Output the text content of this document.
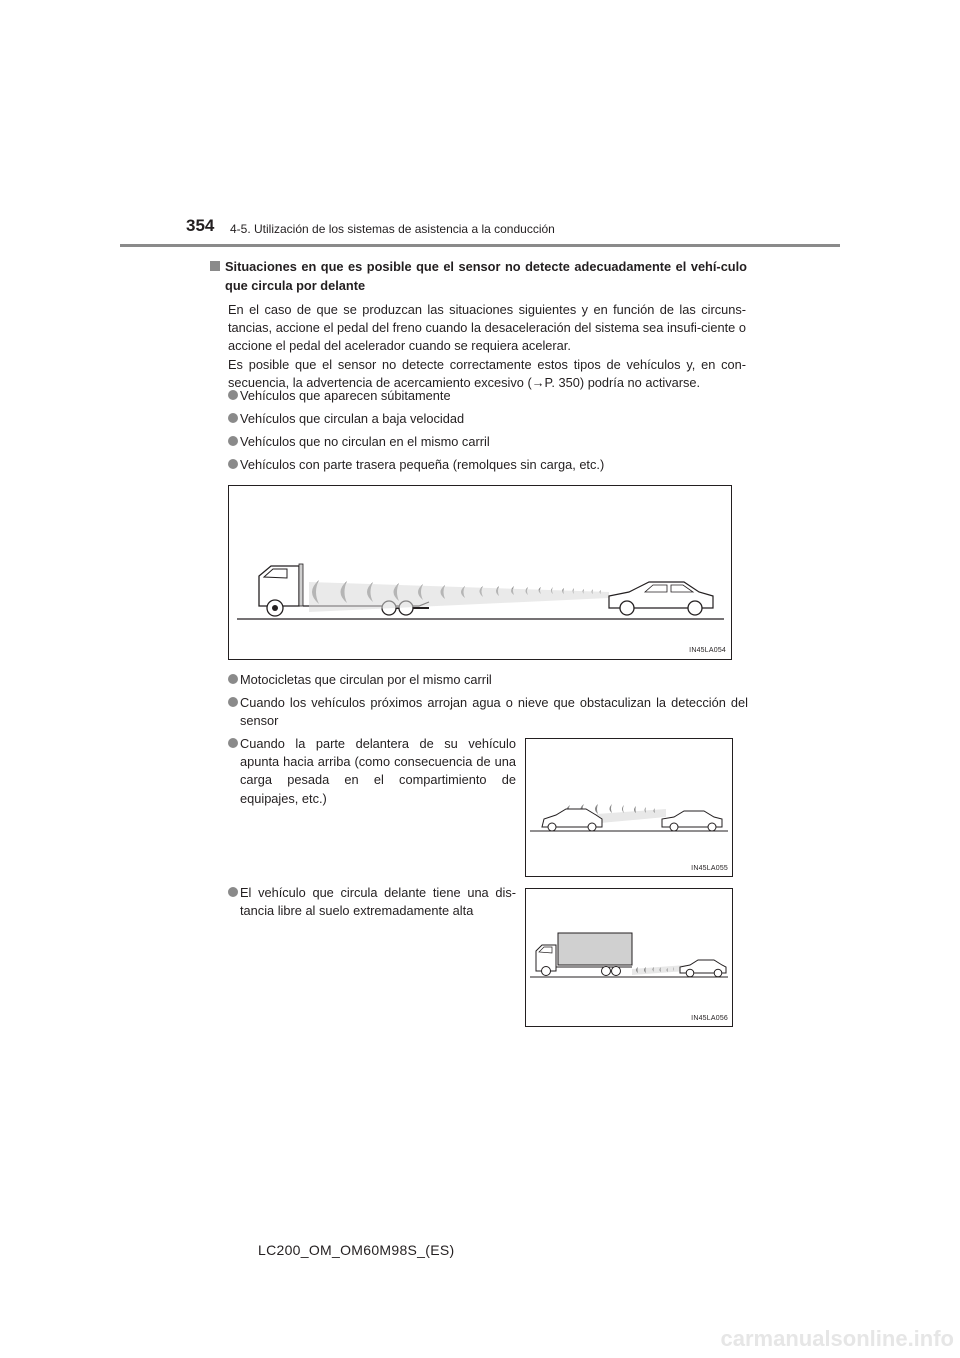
354 4-5. Utilización de los sistemas de asistencia a la conducción
Situaciones en que es posible que el sensor no detecte adecuadamente el vehí-culo que circula por delante

En el caso de que se produzcan las situaciones siguientes y en función de las circuns-tancias, accione el pedal del freno cuando la desaceleración del sistema sea insufi-ciente o accione el pedal del acelerador cuando se requiera acelerar.

Es posible que el sensor no detecte correctamente estos tipos de vehículos y, en con-secuencia, la advertencia de acercamiento excesivo (→P. 350) podría no activarse.

Vehículos que aparecen súbitamente
Vehículos que circulan a baja velocidad
Vehículos que no circulan en el mismo carril
Vehículos con parte trasera pequeña (remolques sin carga, etc.)
IN45LA054
Motocicletas que circulan por el mismo carril
Cuando los vehículos próximos arrojan agua o nieve que obstaculizan la detección del sensor
Cuando la parte delantera de su vehículo apunta hacia arriba (como consecuencia de una carga pesada en el compartimiento de equipajes, etc.)
IN45LA055
El vehículo que circula delante tiene una dis-tancia libre al suelo extremadamente alta
IN45LA056
LC200_OM_OM60M98S_(ES)
carmanualsonline.info
